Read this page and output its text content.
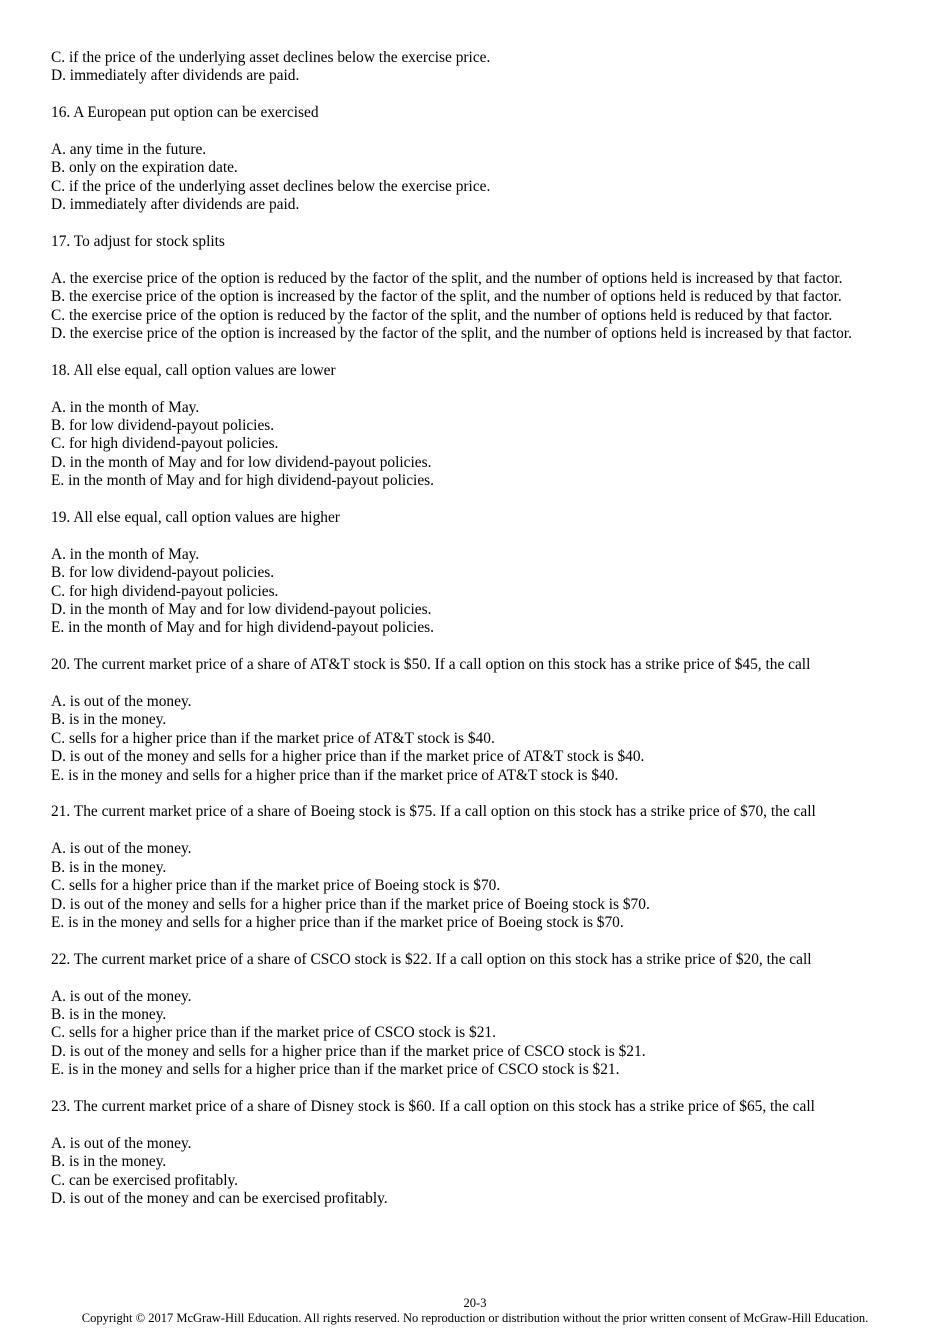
C. if the price of the underlying asset declines below the exercise price.

D. immediately after dividends are paid.

16. A European put option can be exercised

A. any time in the future.

B. only on the expiration date.

C. if the price of the underlying asset declines below the exercise price.

D. immediately after dividends are paid.

17. To adjust for stock splits

A. the exercise price of the option is reduced by the factor of the split, and the number of options held is increased by that factor.

B. the exercise price of the option is increased by the factor of the split, and the number of options held is reduced by that factor.

C. the exercise price of the option is reduced by the factor of the split, and the number of options held is reduced by that factor.

D. the exercise price of the option is increased by the factor of the split, and the number of options held is increased by that factor.

18. All else equal, call option values are lower

A. in the month of May.

B. for low dividend-payout policies.

C. for high dividend-payout policies.

D. in the month of May and for low dividend-payout policies.

E. in the month of May and for high dividend-payout policies.

19. All else equal, call option values are higher

A. in the month of May.

B. for low dividend-payout policies.

C. for high dividend-payout policies.

D. in the month of May and for low dividend-payout policies.

E. in the month of May and for high dividend-payout policies.

20. The current market price of a share of AT&T stock is $50. If a call option on this stock has a strike price of $45, the call

A. is out of the money.

B. is in the money.

C. sells for a higher price than if the market price of AT&T stock is $40.

D. is out of the money and sells for a higher price than if the market price of AT&T stock is $40.

E. is in the money and sells for a higher price than if the market price of AT&T stock is $40.

21. The current market price of a share of Boeing stock is $75. If a call option on this stock has a strike price of $70, the call

A. is out of the money.

B. is in the money.

C. sells for a higher price than if the market price of Boeing stock is $70.

D. is out of the money and sells for a higher price than if the market price of Boeing stock is $70.

E. is in the money and sells for a higher price than if the market price of Boeing stock is $70.

22. The current market price of a share of CSCO stock is $22. If a call option on this stock has a strike price of $20, the call

A. is out of the money.

B. is in the money.

C. sells for a higher price than if the market price of CSCO stock is $21.

D. is out of the money and sells for a higher price than if the market price of CSCO stock is $21.

E. is in the money and sells for a higher price than if the market price of CSCO stock is $21.

23. The current market price of a share of Disney stock is $60. If a call option on this stock has a strike price of $65, the call

A. is out of the money.

B. is in the money.

C. can be exercised profitably.

D. is out of the money and can be exercised profitably.

20-3
Copyright © 2017 McGraw-Hill Education. All rights reserved. No reproduction or distribution without the prior written consent of McGraw-Hill Education.
